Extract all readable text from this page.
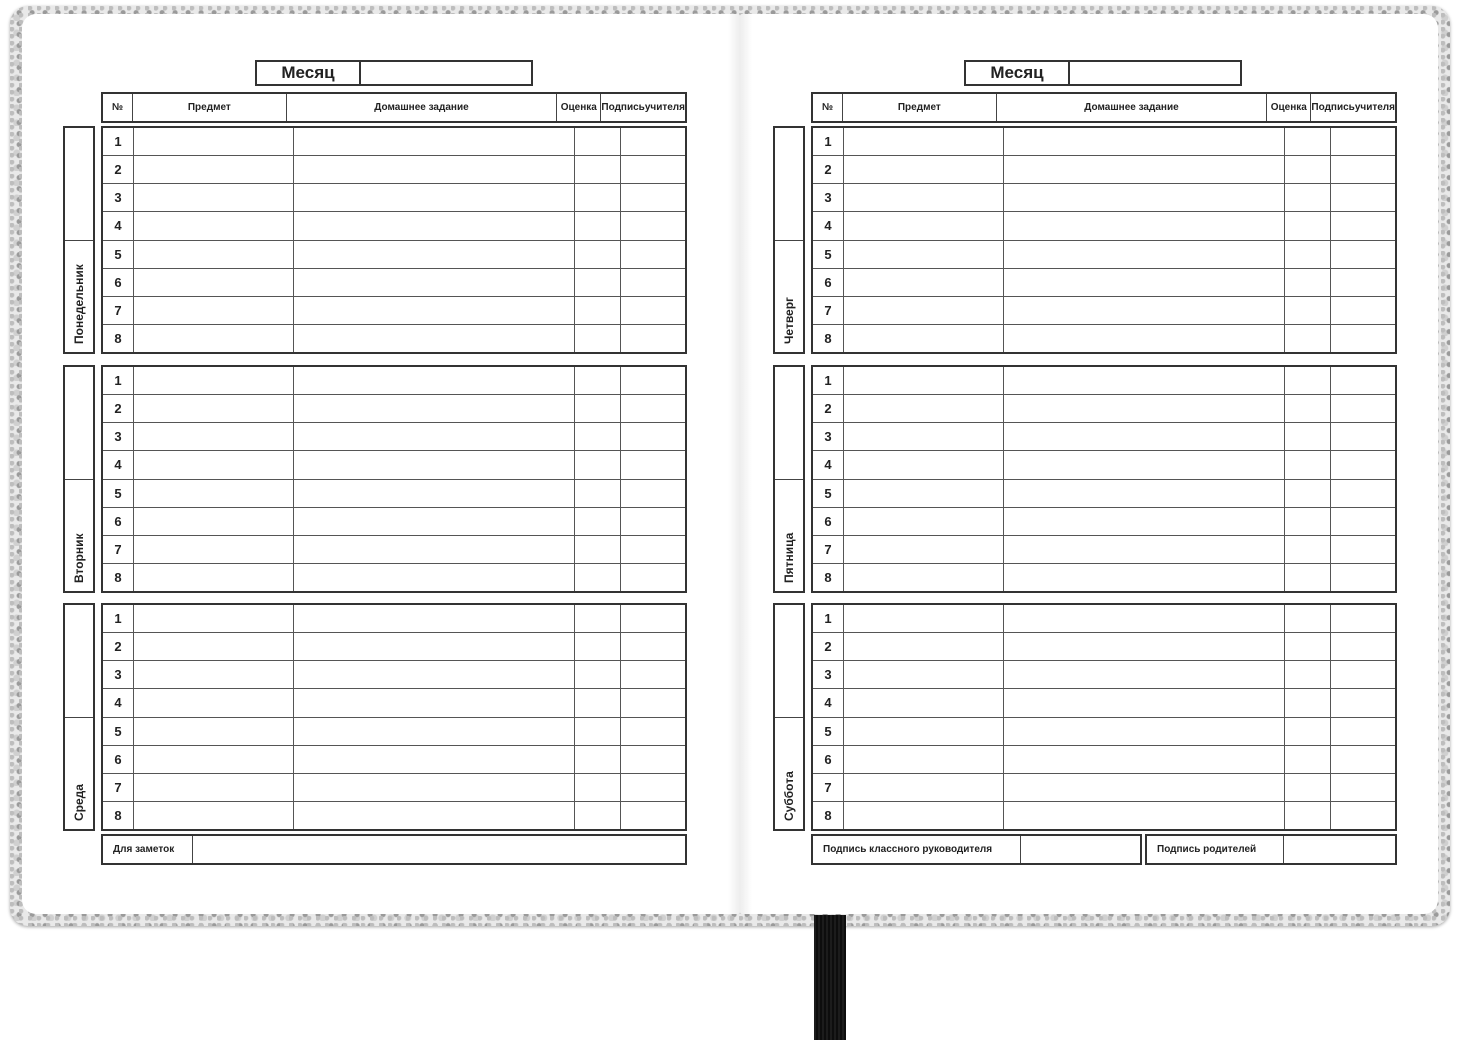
Месяц
№	Предмет	Домашнее задание	Оценка Подпись учителя
Понедельник
1
2
3
4
5
6
7
8
Вторник
1
2
3
4
5
6
7
8
Среда
1
2
3
4
5
6
7
8
Для заметок
Месяц
№	Предмет	Домашнее задание	Оценка Подпись учителя
Четверг
1
2
3
4
5
6
7
8
Пятница
1
2
3
4
5
6
7
8
Суббота
1
2
3
4
5
6
7
8
Подпись классного руководителя	Подпись родителей
